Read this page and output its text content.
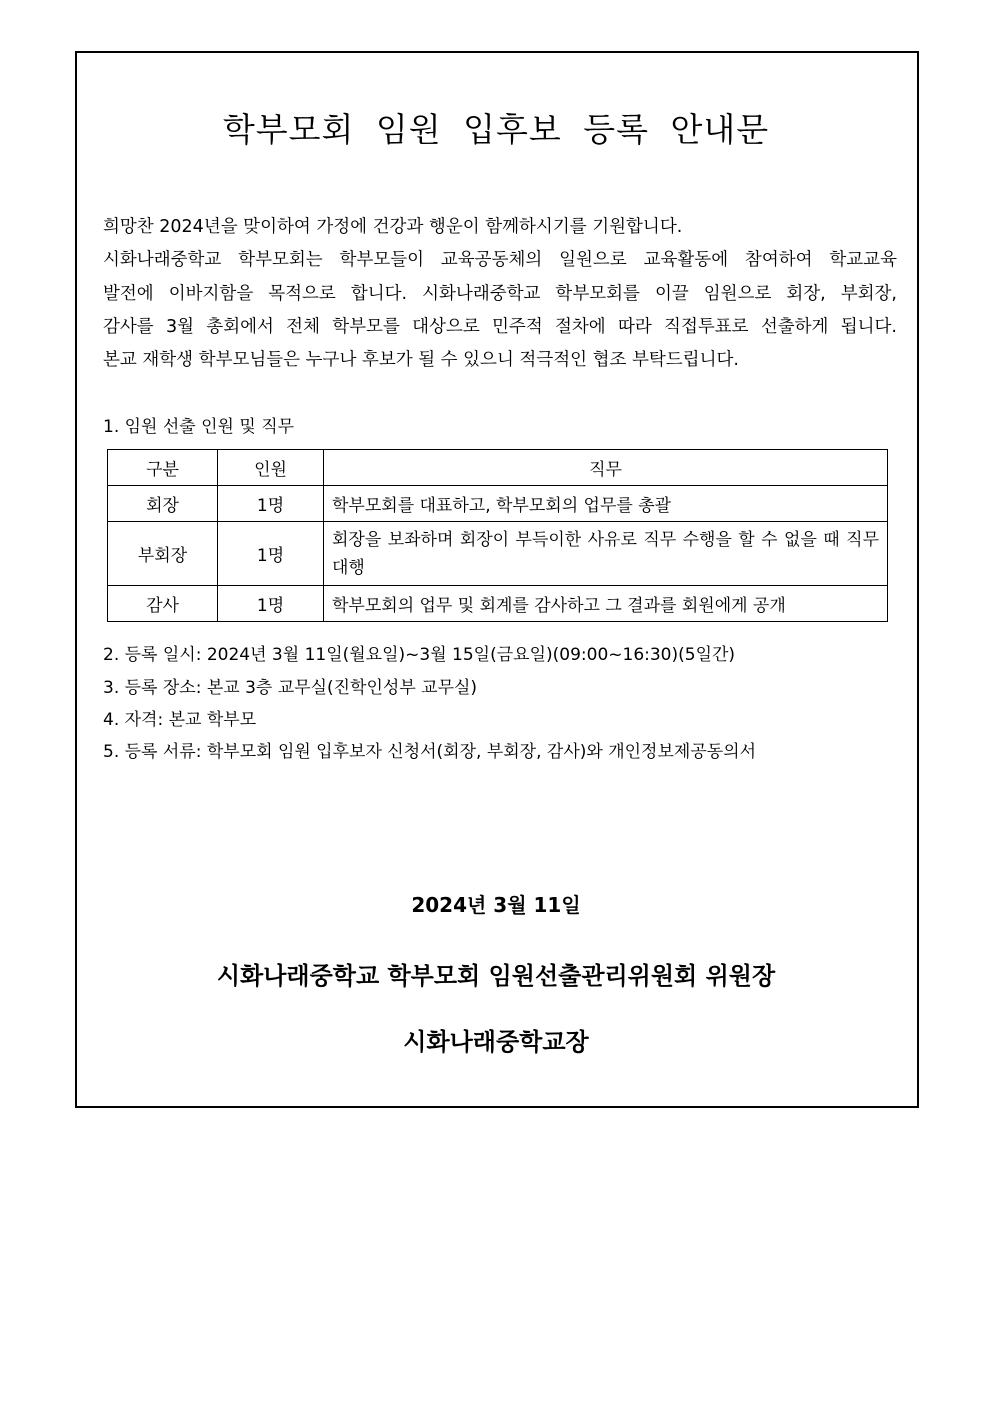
학부모회 임원 입후보 등록 안내문
희망찬 2024년을 맞이하여 가정에 건강과 행운이 함께하시기를 기원합니다.
시화나래중학교 학부모회는 학부모들이 교육공동체의 일원으로 교육활동에 참여하여 학교교육
발전에 이바지함을 목적으로 합니다. 시화나래중학교 학부모회를 이끌 임원으로 회장, 부회장,
감사를 3월 총회에서 전체 학부모를 대상으로 민주적 절차에 따라 직접투표로 선출하게 됩니다.
본교 재학생 학부모님들은 누구나 후보가 될 수 있으니 적극적인 협조 부탁드립니다.
1. 임원 선출 인원 및 직무
구분	인원	직무
회장	1명	학부모회를 대표하고, 학부모회의 업무를 총괄
부회장	1명	회장을 보좌하며 회장이 부득이한 사유로 직무 수행을 할 수 없을 때 직무대행

감사	1명	학부모회의 업무 및 회계를 감사하고 그 결과를 회원에게 공개
2. 등록 일시: 2024년 3월 11일(월요일)~3월 15일(금요일)(09:00~16:30)(5일간)
3. 등록 장소: 본교 3층 교무실(진학인성부 교무실)
4. 자격: 본교 학부모
5. 등록 서류: 학부모회 임원 입후보자 신청서(회장, 부회장, 감사)와 개인정보제공동의서
2024년 3월 11일
시화나래중학교 학부모회 임원선출관리위원회 위원장
시화나래중학교장
